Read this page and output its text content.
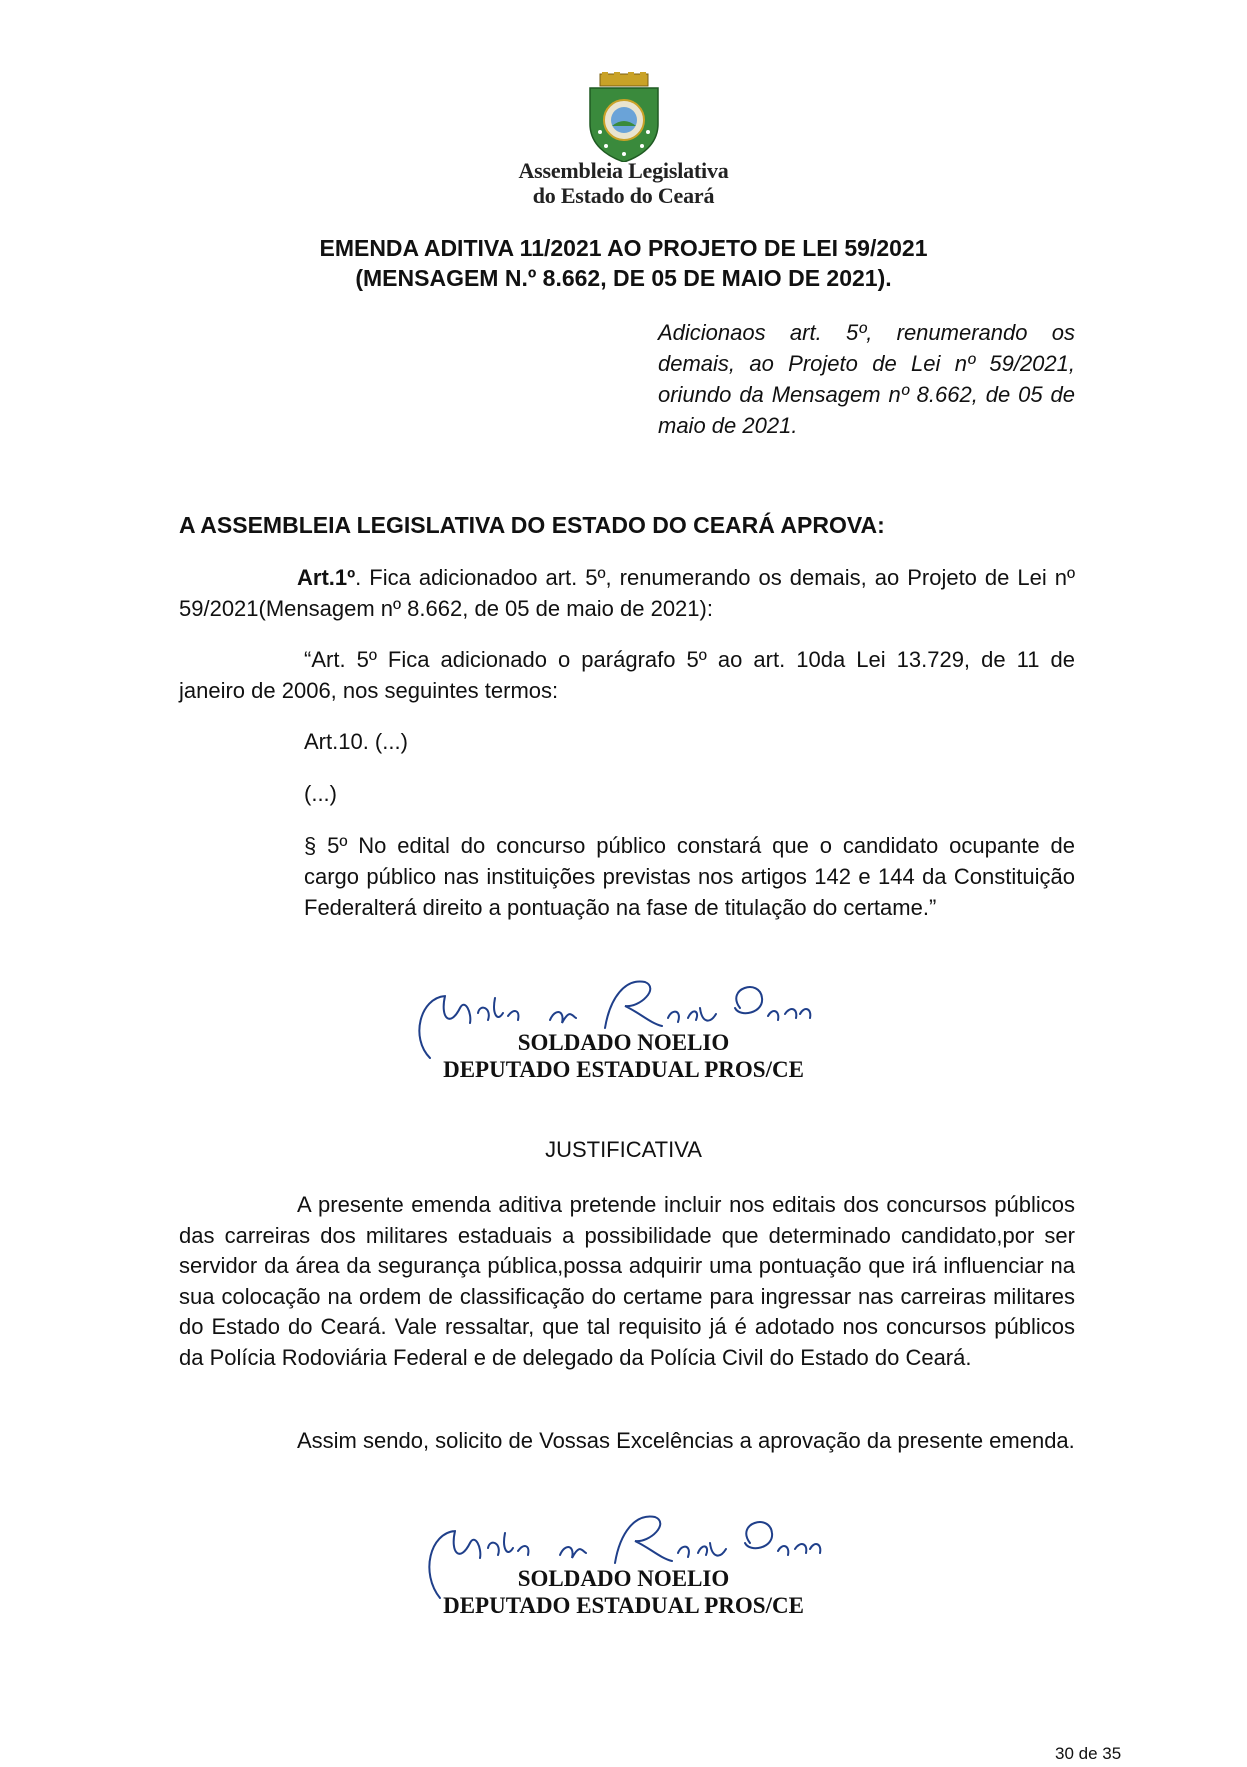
Assembleia Legislativa
do Estado do Ceará
EMENDA ADITIVA 11/2021 AO PROJETO DE LEI 59/2021
(MENSAGEM N.º 8.662, DE 05 DE MAIO DE 2021).
Adicionaos art. 5º, renumerando os demais, ao Projeto de Lei nº 59/2021, oriundo da Mensagem nº 8.662, de 05 de maio de 2021.
A ASSEMBLEIA LEGISLATIVA DO ESTADO DO CEARÁ APROVA:
Art.1º. Fica adicionadoo art. 5º, renumerando os demais, ao Projeto de Lei nº 59/2021(Mensagem nº 8.662, de 05 de maio de 2021):
“Art. 5º Fica adicionado o parágrafo 5º ao art. 10da Lei 13.729, de 11 de janeiro de 2006, nos seguintes termos:
Art.10. (...)
(...)
§ 5º No edital do concurso público constará que o candidato ocupante de cargo público nas instituições previstas nos artigos 142 e 144 da Constituição Federalterá direito a pontuação na fase de titulação do certame.”
SOLDADO NOELIO
DEPUTADO ESTADUAL PROS/CE
JUSTIFICATIVA
A presente emenda aditiva pretende incluir nos editais dos concursos públicos das carreiras dos militares estaduais a possibilidade que determinado candidato,por ser servidor da área da segurança pública,possa adquirir uma pontuação que irá influenciar na sua colocação na ordem de classificação do certame para ingressar nas carreiras militares do Estado do Ceará. Vale ressaltar, que tal requisito já é adotado nos concursos públicos da Polícia Rodoviária Federal e de delegado da Polícia Civil do Estado do Ceará.
Assim sendo, solicito de Vossas Excelências a aprovação da presente emenda.
SOLDADO NOELIO
DEPUTADO ESTADUAL PROS/CE
30 de 35
